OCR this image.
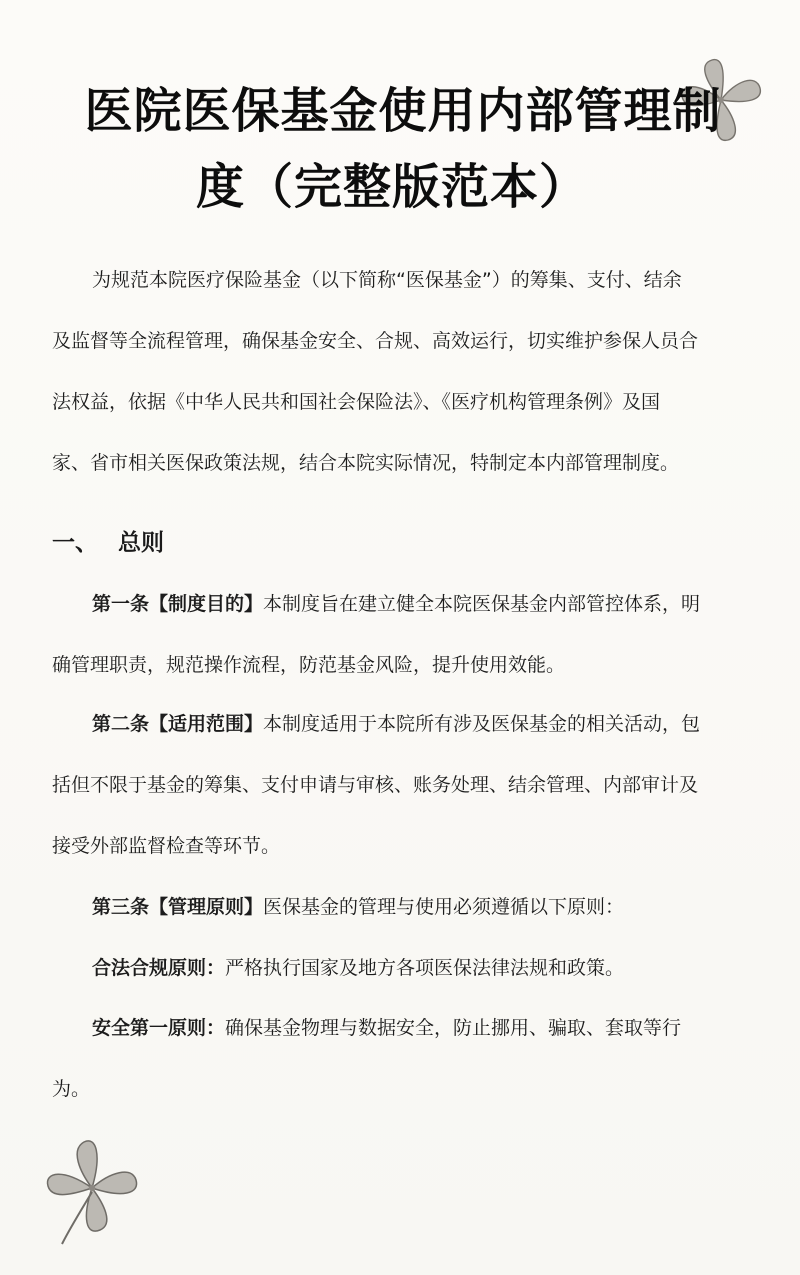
医院医保基金使用内部管理制
度（完整版范本）
为规范本院医疗保险基金（以下简称“医保基金”）的筹集、支付、结余
及监督等全流程管理，确保基金安全、合规、高效运行，切实维护参保人员合
法权益，依据《中华人民共和国社会保险法》、《医疗机构管理条例》及国
家、省市相关医保政策法规，结合本院实际情况，特制定本内部管理制度。
一、 总则
第一条【制度目的】本制度旨在建立健全本院医保基金内部管控体系，明
确管理职责，规范操作流程，防范基金风险，提升使用效能。
第二条【适用范围】本制度适用于本院所有涉及医保基金的相关活动，包
括但不限于基金的筹集、支付申请与审核、账务处理、结余管理、内部审计及
接受外部监督检查等环节。
第三条【管理原则】医保基金的管理与使用必须遵循以下原则：
合法合规原则：严格执行国家及地方各项医保法律法规和政策。
安全第一原则：确保基金物理与数据安全，防止挪用、骗取、套取等行
为。
